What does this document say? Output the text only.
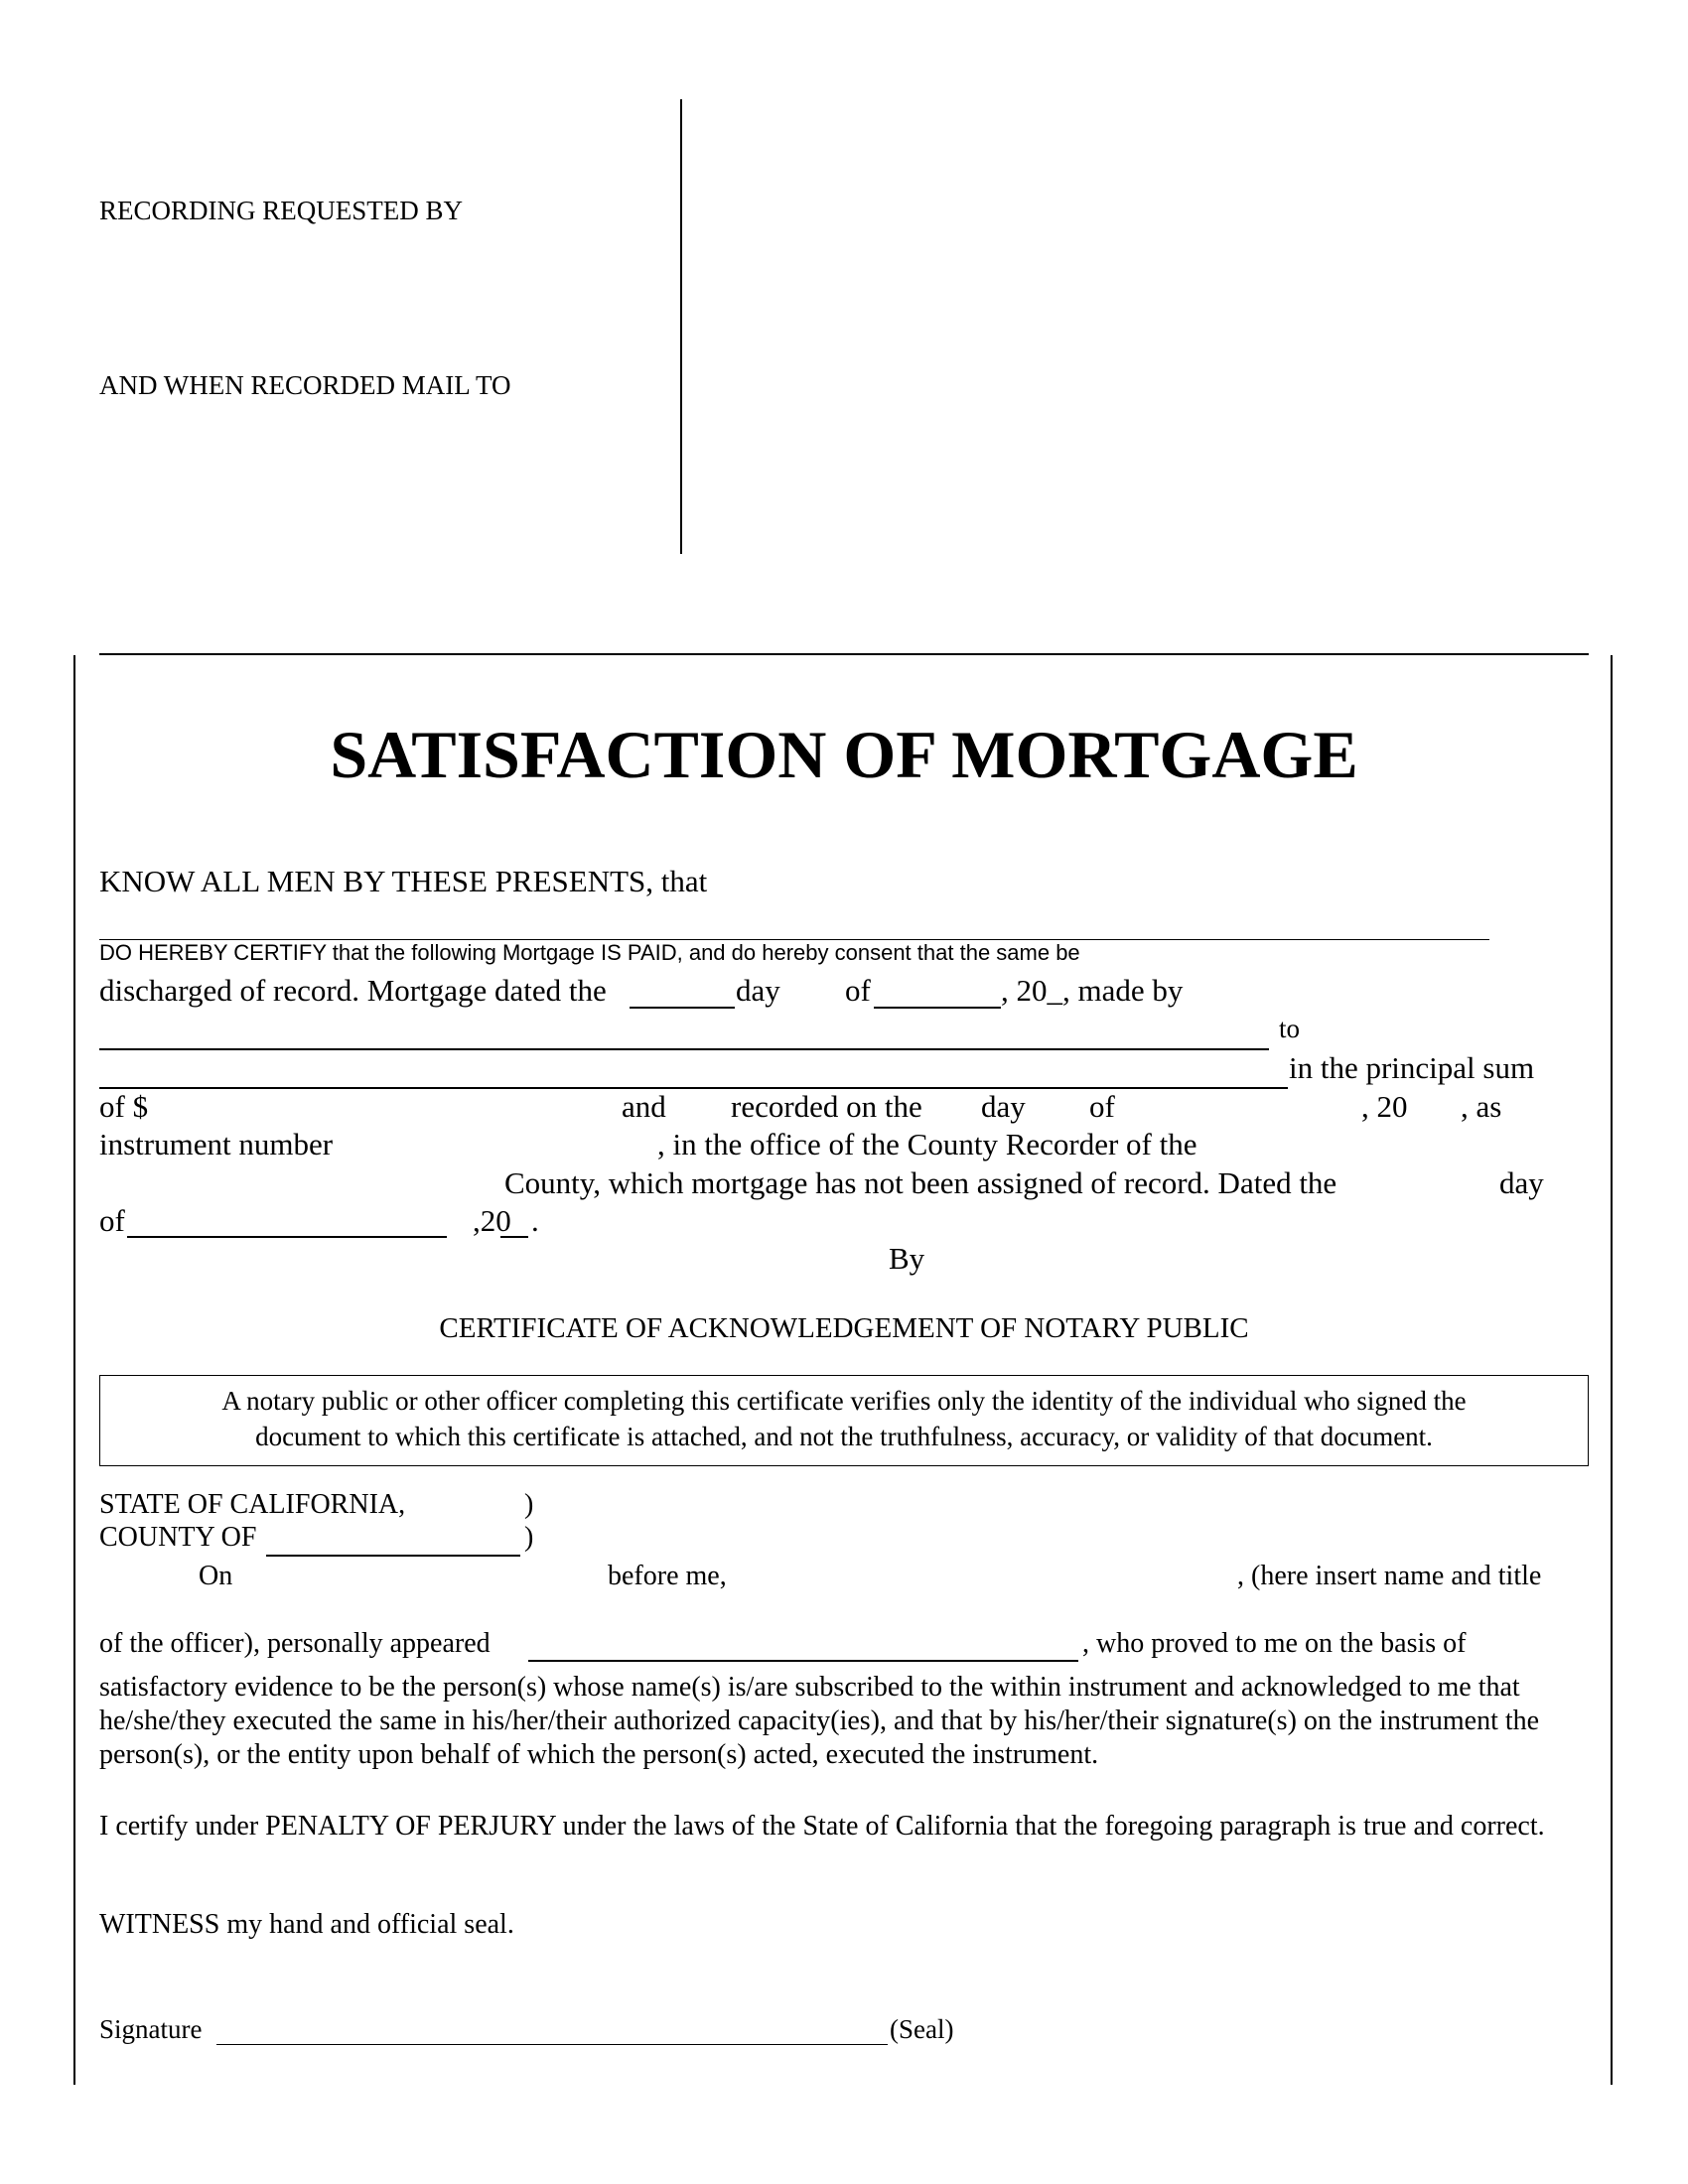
RECORDING REQUESTED BY
AND WHEN RECORDED MAIL TO
SATISFACTION OF MORTGAGE
KNOW ALL MEN BY THESE PRESENTS, that
DO HEREBY CERTIFY that the following Mortgage IS PAID, and do hereby consent that the same be
discharged of record. Mortgage dated the	day of	, 20_, made by
to
in the principal sum
of $	and recorded on the day of	, 20 , as
instrument number	, in the office of the County Recorder of the
County, which mortgage has not been assigned of record. Dated the	day
of	,20 .
By
CERTIFICATE OF ACKNOWLEDGEMENT OF NOTARY PUBLIC
A notary public or other officer completing this certificate verifies only the identity of the individual who signed the
document to which this certificate is attached, and not the truthfulness, accuracy, or validity of that document.
STATE OF CALIFORNIA,	)
COUNTY OF	)
On	before me,	, (here insert name and title
of the officer), personally appeared	, who proved to me on the basis of
satisfactory evidence to be the person(s) whose name(s) is/are subscribed to the within instrument and acknowledged to me that he/she/they executed the same in his/her/their authorized capacity(ies), and that by his/her/their signature(s) on the instrument the person(s), or the entity upon behalf of which the person(s) acted, executed the instrument.
I certify under PENALTY OF PERJURY under the laws of the State of California that the foregoing paragraph is true and correct.
WITNESS my hand and official seal.
Signature	(Seal)
